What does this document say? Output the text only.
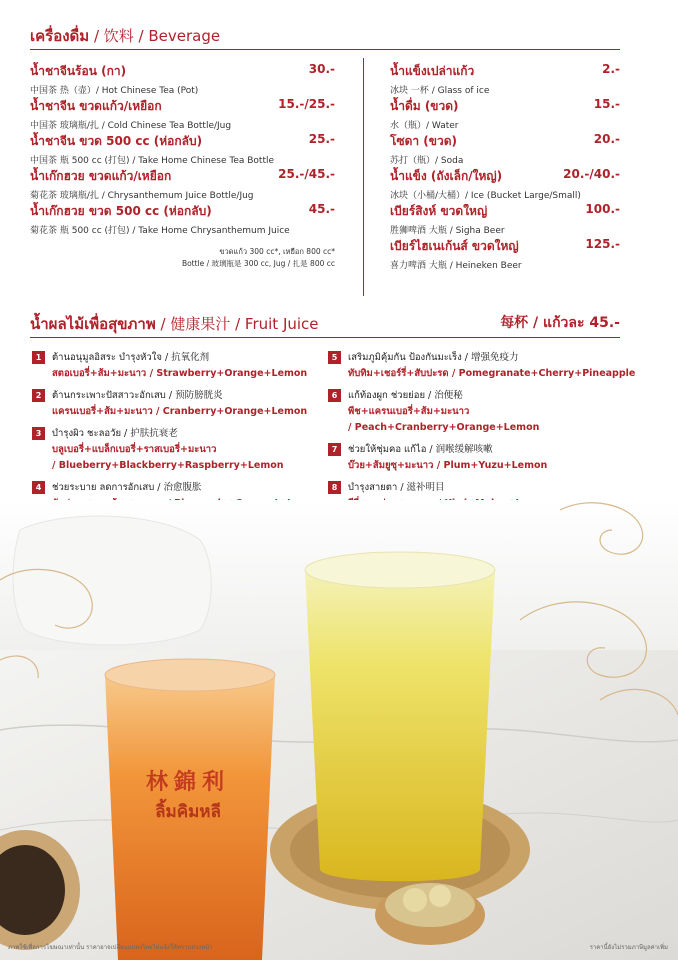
เครื่องดื่ม / 饮料 / Beverage
น้ำชาจีนร้อน (กา)	30.-
中国茶 热（壶）/ Hot Chinese Tea (Pot)
น้ำชาจีน ขวดแก้ว/เหยือก	15.-/25.-
中国茶 玻璃瓶/扎 / Cold Chinese Tea Bottle/Jug
น้ำชาจีน ขวด 500 cc (ห่อกลับ)	25.-
中国茶 瓶 500 cc (打包) / Take Home Chinese Tea Bottle
น้ำเก๊กฮวย ขวดแก้ว/เหยือก	25.-/45.-
菊花茶 玻璃瓶/扎 / Chrysanthemum Juice Bottle/Jug
น้ำเก๊กฮวย ขวด 500 cc (ห่อกลับ)	45.-
菊花茶 瓶 500 cc (打包) / Take Home Chrysanthemum Juice
ขวดแก้ว 300 cc*, เหยือก 800 cc*
Bottle / 玻璃瓶是 300 cc, Jug / 扎是 800 cc
น้ำแข็งเปล่าแก้ว	2.-
冰块 一杯 / Glass of ice
น้ำดื่ม (ขวด)	15.-
水（瓶）/ Water
โซดา (ขวด)	20.-
苏打（瓶）/ Soda
น้ำแข็ง (ถังเล็ก/ใหญ่)	20.-/40.-
冰块（小桶/大桶）/ Ice (Bucket Large/Small)
เบียร์สิงห์ ขวดใหญ่	100.-
胜狮啤酒 大瓶 / Sigha Beer
เบียร์ไฮเนเก้นส์ ขวดใหญ่	125.-
喜力啤酒 大瓶 / Heineken Beer
น้ำผลไม้เพื่อสุขภาพ / 健康果汁 / Fruit Juice	每杯 / แก้วละ 45.-
1	ต้านอนุมูลอิสระ บำรุงหัวใจ / 抗氧化剂
สตอเบอรี่+ส้ม+มะนาว / Strawberry+Orange+Lemon
2	ต้านกระเพาะปัสสาวะอักเสบ / 预防膀胱炎
แครนเบอรี่+ส้ม+มะนาว / Cranberry+Orange+Lemon
3	บำรุงผิว ชะลอวัย / 护肤抗衰老
บลูเบอรี่+แบล็กเบอรี่+ราสเบอรี่+มะนาว
/ Blueberry+Blackberry+Raspberry+Lemon
4	ช่วยระบาย ลดการอักเสบ / 治愈腹胀
5	เสริมภูมิคุ้มกัน ป้องกันมะเร็ง / 增强免疫力
ทับทิม+เชอร์รี่+สับปะรด / Pomegranate+Cherry+Pineapple
6	แก้ท้องผูก ช่วยย่อย / 治便秘
พีช+แครนเบอรี่+ส้ม+มะนาว
/ Peach+Cranberry+Orange+Lemon
7	ช่วยให้ชุ่มคอ แก้ไอ / 润喉缓解咳嗽
บ๊วย+ส้มยูซุ+มะนาว / Plum+Yuzu+Lemon
8	บำรุงสายตา / 滋补明目
林錦利
ลิ้มคิมหลี
ภาพใช้เพื่อการโฆษณาเท่านั้น ราคาอาจเปลี่ยนแปลงโดยไม่แจ้งให้ทราบล่วงหน้า	ราคานี้ยังไม่รวมภาษีมูลค่าเพิ่ม
